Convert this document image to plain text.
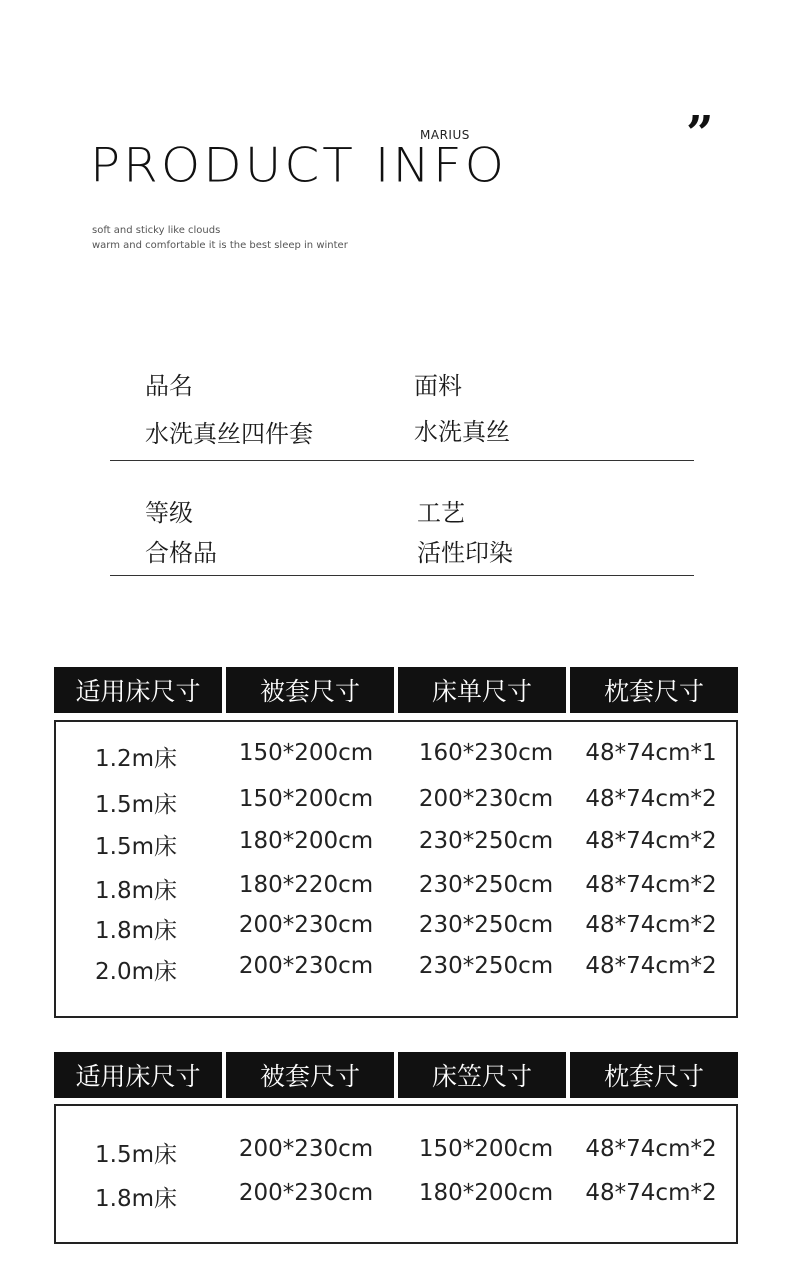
MARIUS
PRODUCT INFO
”
soft and sticky like clouds
warm and comfortable it is the best sleep in winter
品名
水洗真丝四件套
面料
水洗真丝
等级
合格品
工艺
活性印染
适用床尺寸	被套尺寸	床单尺寸	枕套尺寸
1.2m床	150*200cm	160*230cm	48*74cm*1
1.5m床	150*200cm	200*230cm	48*74cm*2
1.5m床	180*200cm	230*250cm	48*74cm*2
1.8m床	180*220cm	230*250cm	48*74cm*2
1.8m床	200*230cm	230*250cm	48*74cm*2
2.0m床	200*230cm	230*250cm	48*74cm*2
适用床尺寸	被套尺寸	床笠尺寸	枕套尺寸
1.5m床	200*230cm	150*200cm	48*74cm*2
1.8m床	200*230cm	180*200cm	48*74cm*2
